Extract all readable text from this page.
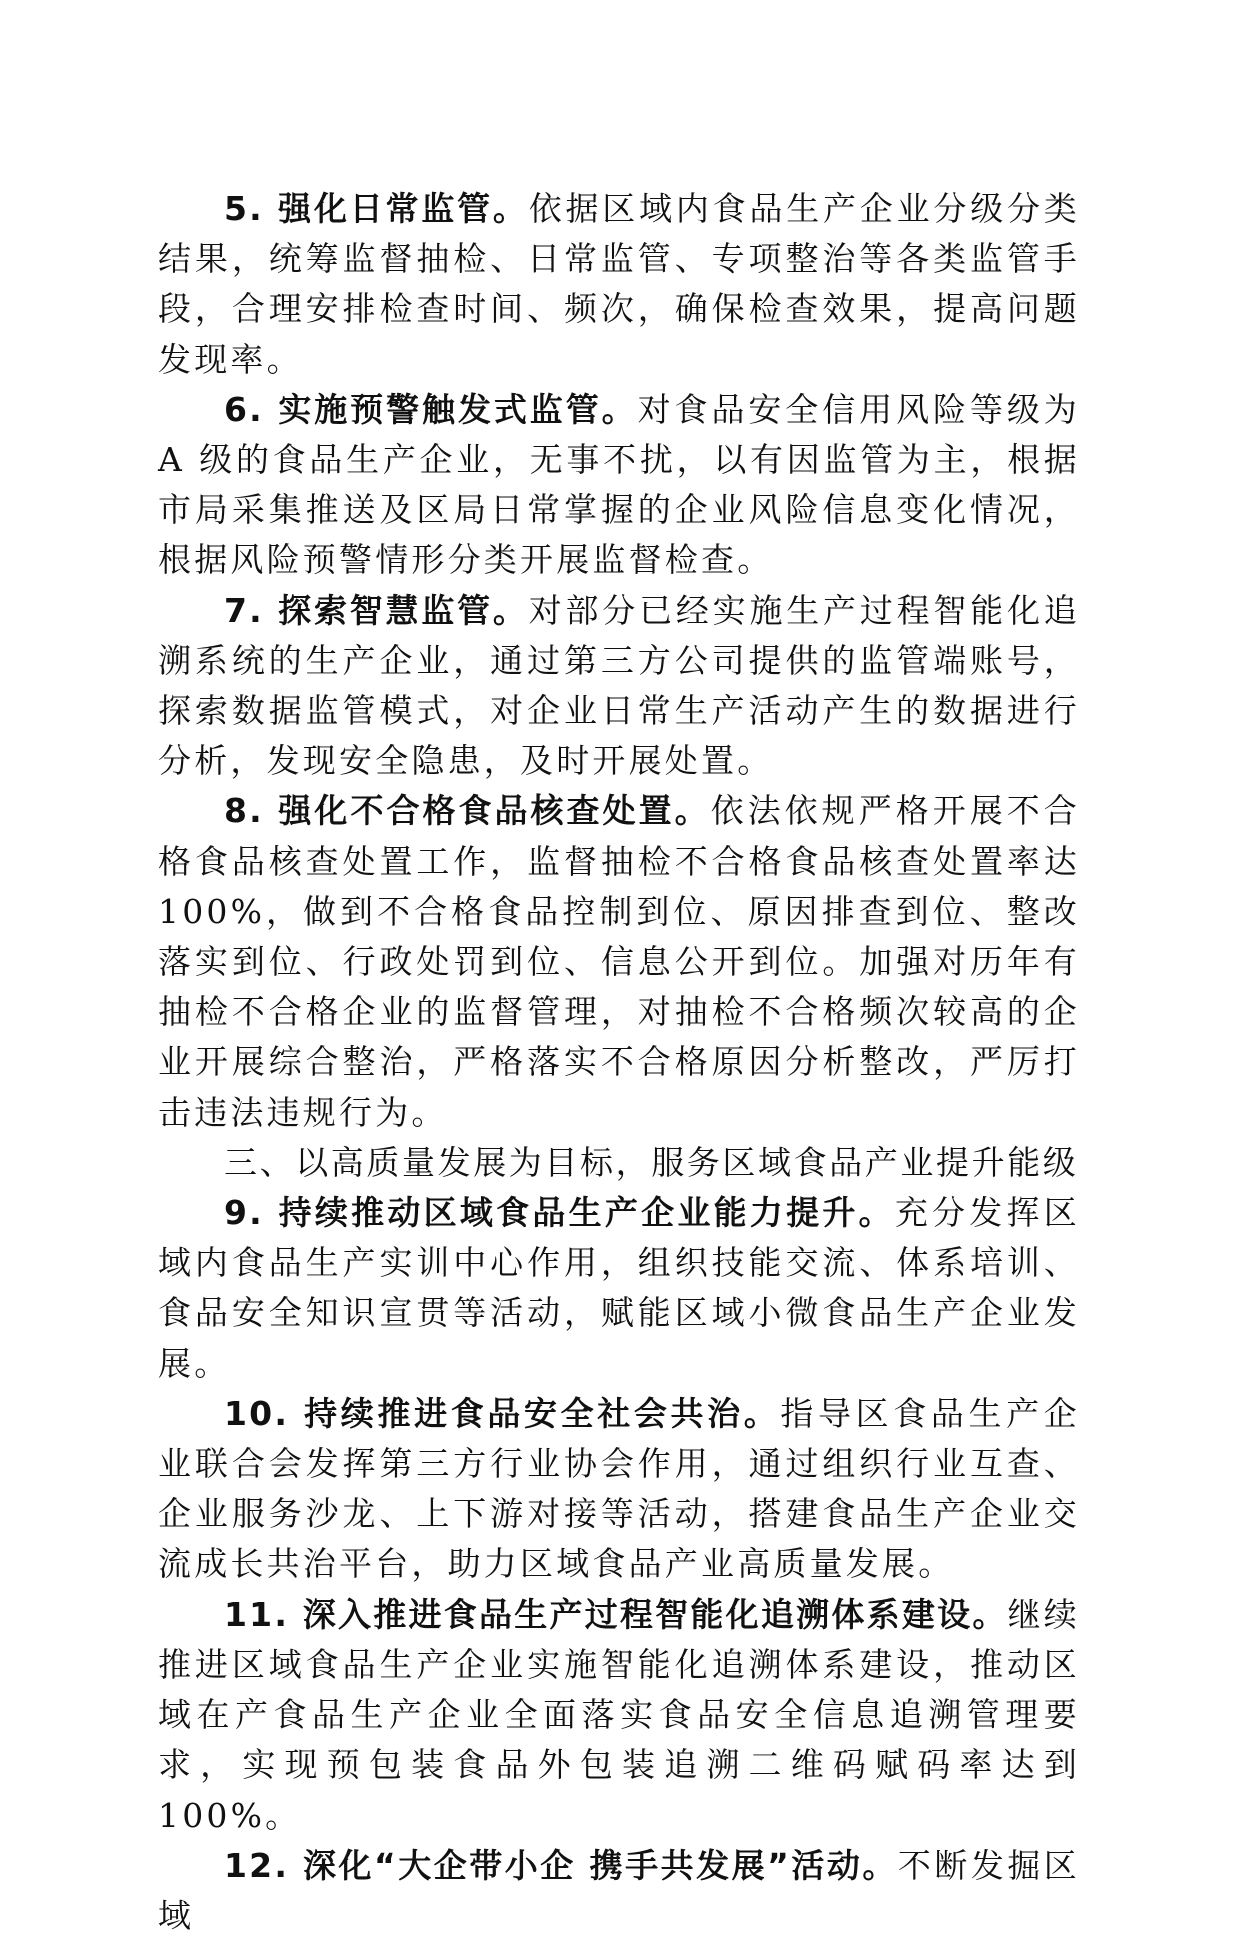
5. 强化日常监管。依据区域内食品生产企业分级分类结果，统筹监督抽检、日常监管、专项整治等各类监管手段，合理安排检查时间、频次，确保检查效果，提高问题发现率。

6. 实施预警触发式监管。对食品安全信用风险等级为 A 级的食品生产企业，无事不扰，以有因监管为主，根据市局采集推送及区局日常掌握的企业风险信息变化情况，根据风险预警情形分类开展监督检查。

7. 探索智慧监管。对部分已经实施生产过程智能化追溯系统的生产企业，通过第三方公司提供的监管端账号，探索数据监管模式，对企业日常生产活动产生的数据进行分析，发现安全隐患，及时开展处置。

8. 强化不合格食品核查处置。依法依规严格开展不合格食品核查处置工作，监督抽检不合格食品核查处置率达 100%，做到不合格食品控制到位、原因排查到位、整改落实到位、行政处罚到位、信息公开到位。加强对历年有抽检不合格企业的监督管理，对抽检不合格频次较高的企业开展综合整治，严格落实不合格原因分析整改，严厉打击违法违规行为。

三、以高质量发展为目标，服务区域食品产业提升能级

9. 持续推动区域食品生产企业能力提升。充分发挥区域内食品生产实训中心作用，组织技能交流、体系培训、食品安全知识宣贯等活动，赋能区域小微食品生产企业发展。

10. 持续推进食品安全社会共治。指导区食品生产企业联合会发挥第三方行业协会作用，通过组织行业互查、企业服务沙龙、上下游对接等活动，搭建食品生产企业交流成长共治平台，助力区域食品产业高质量发展。

11. 深入推进食品生产过程智能化追溯体系建设。继续推进区域食品生产企业实施智能化追溯体系建设，推动区域在产食品生产企业全面落实食品安全信息追溯管理要求，实现预包装食品外包装追溯二维码赋码率达到 100%。

12. 深化“大企带小企 携手共发展”活动。不断发掘区域
